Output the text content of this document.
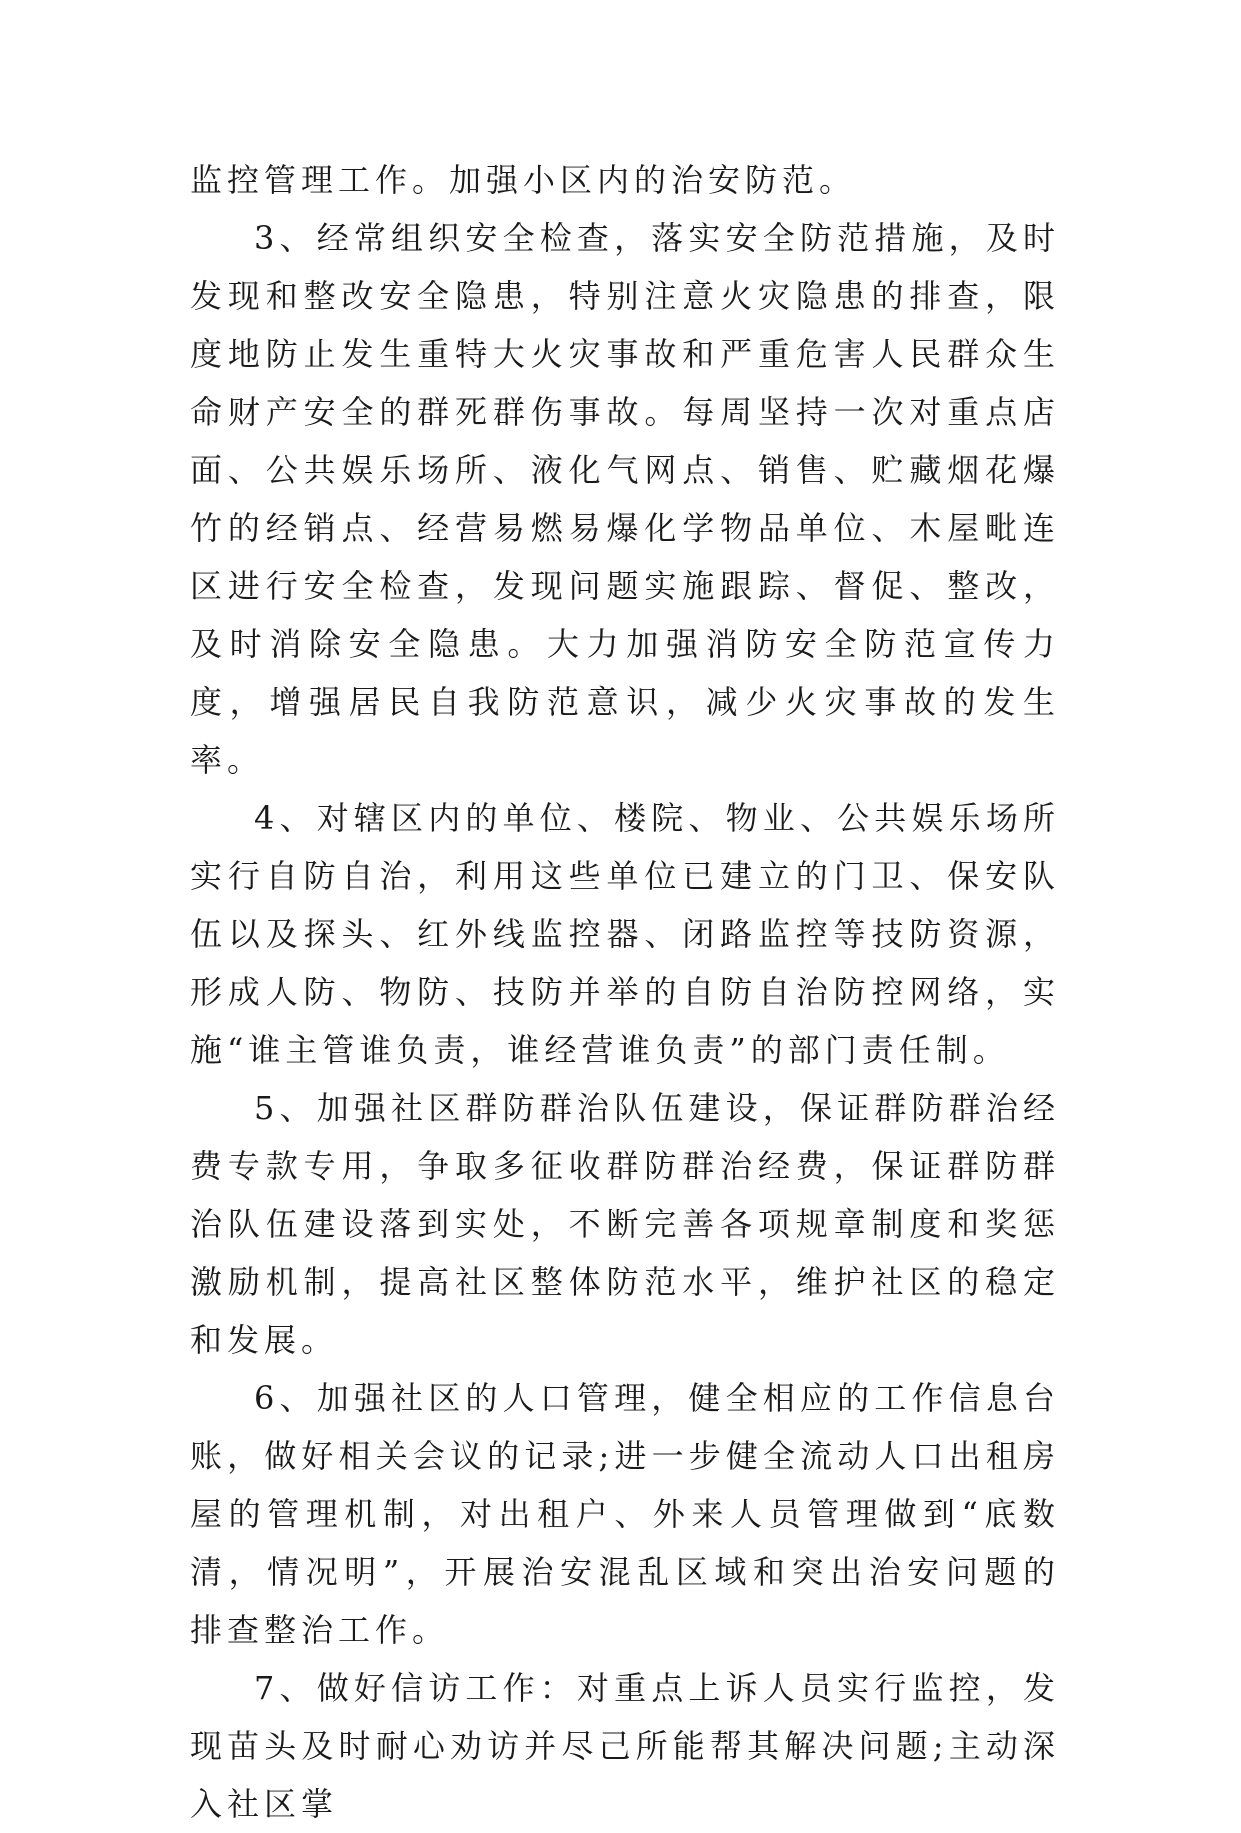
监控管理工作。加强小区内的治安防范。

3、经常组织安全检查，落实安全防范措施，及时发现和整改安全隐患，特别注意火灾隐患的排查，限度地防止发生重特大火灾事故和严重危害人民群众生命财产安全的群死群伤事故。每周坚持一次对重点店面、公共娱乐场所、液化气网点、销售、贮藏烟花爆竹的经销点、经营易燃易爆化学物品单位、木屋毗连区进行安全检查，发现问题实施跟踪、督促、整改，及时消除安全隐患。大力加强消防安全防范宣传力度，增强居民自我防范意识，减少火灾事故的发生率。

4、对辖区内的单位、楼院、物业、公共娱乐场所实行自防自治，利用这些单位已建立的门卫、保安队伍以及探头、红外线监控器、闭路监控等技防资源，形成人防、物防、技防并举的自防自治防控网络，实施“谁主管谁负责，谁经营谁负责”的部门责任制。

5、加强社区群防群治队伍建设，保证群防群治经费专款专用，争取多征收群防群治经费，保证群防群治队伍建设落到实处，不断完善各项规章制度和奖惩激励机制，提高社区整体防范水平，维护社区的稳定和发展。

6、加强社区的人口管理，健全相应的工作信息台账，做好相关会议的记录;进一步健全流动人口出租房屋的管理机制，对出租户、外来人员管理做到“底数清，情况明”，开展治安混乱区域和突出治安问题的排查整治工作。

7、做好信访工作：对重点上诉人员实行监控，发现苗头及时耐心劝访并尽己所能帮其解决问题;主动深入社区掌
